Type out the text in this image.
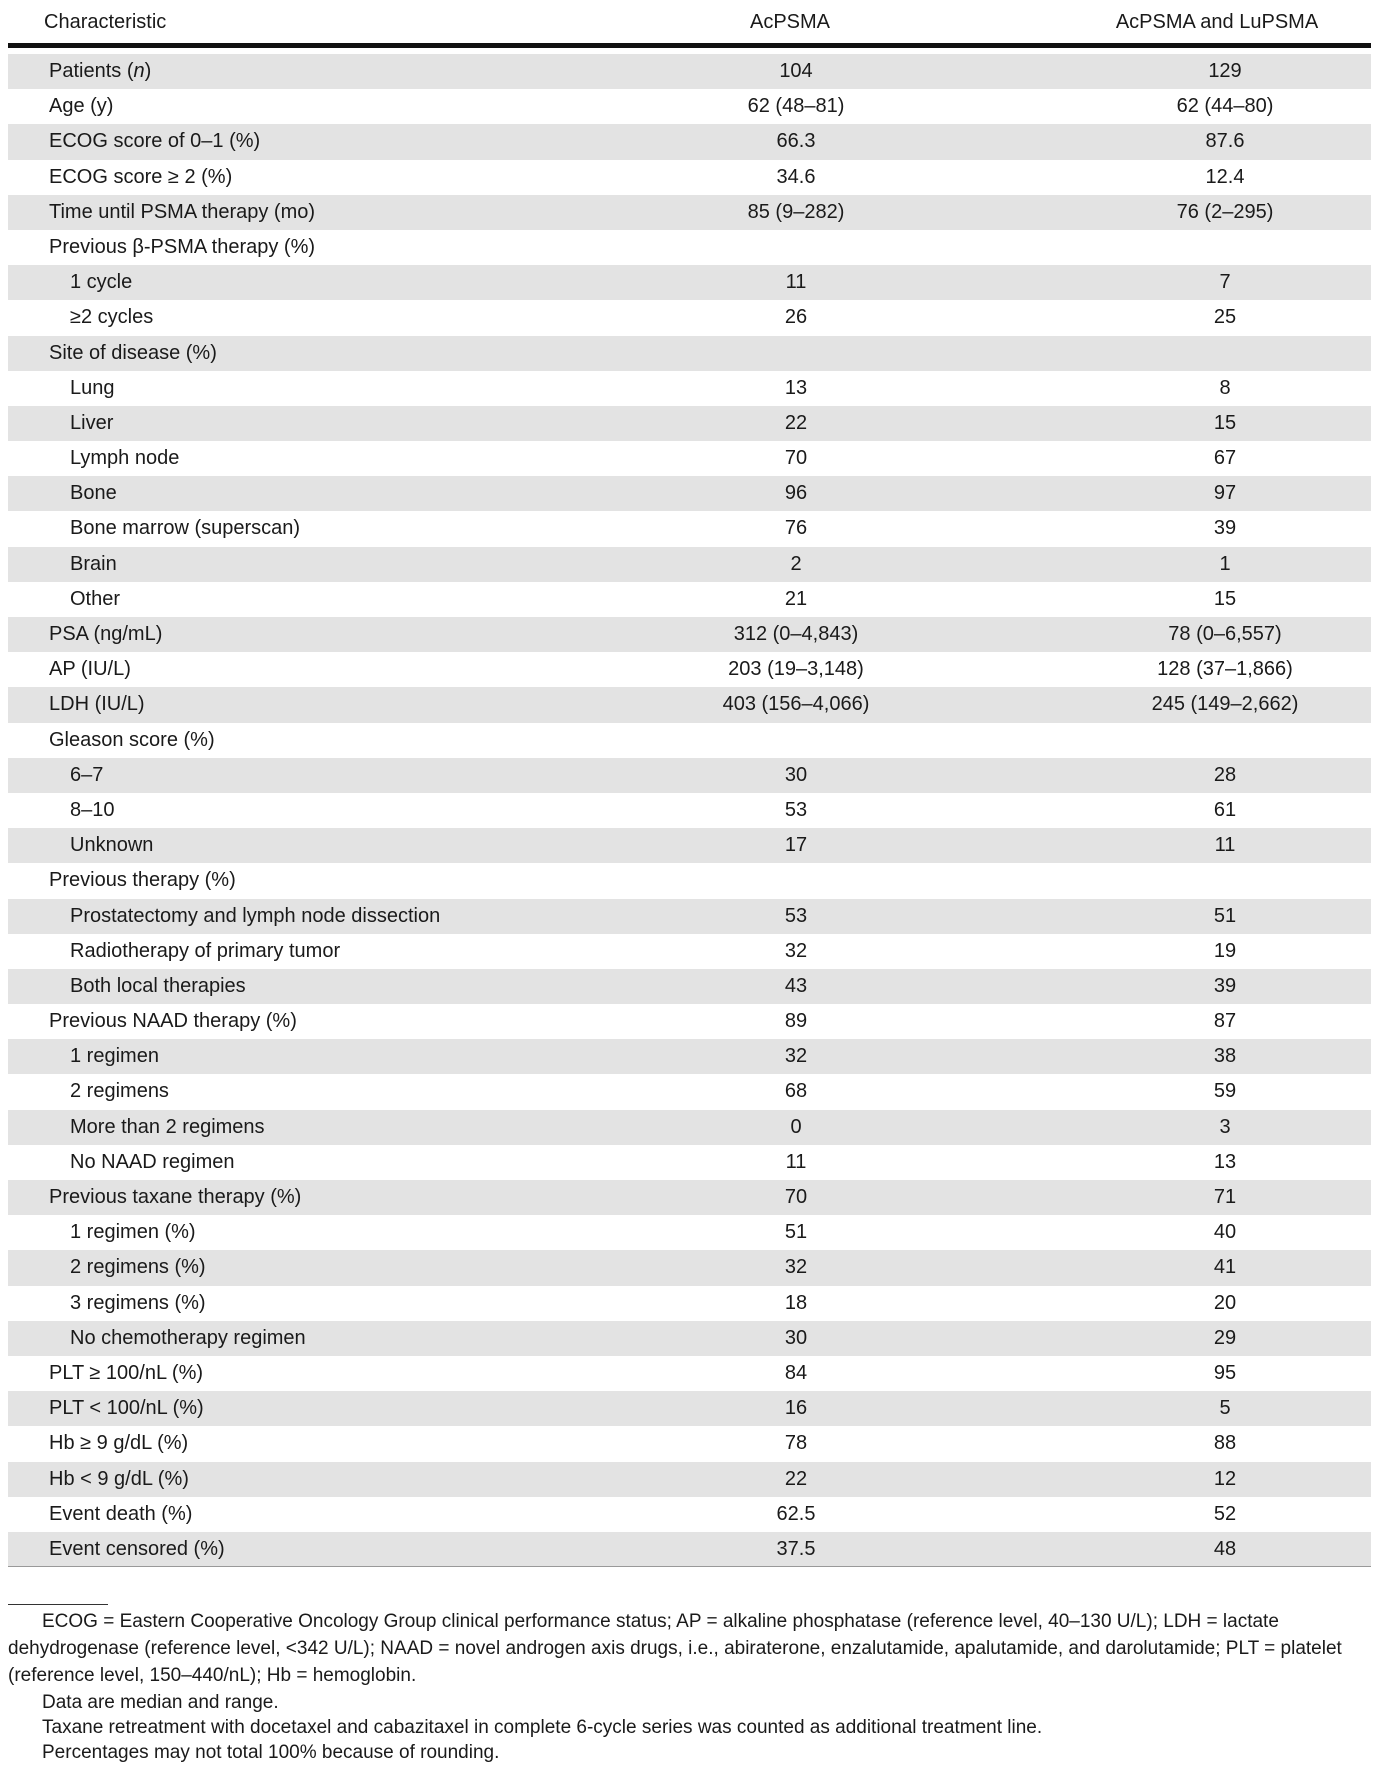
Characteristic	AcPSMA	AcPSMA and LuPSMA
Patients (n)	104	129
Age (y)	62 (48–81)	62 (44–80)
ECOG score of 0–1 (%)	66.3	87.6
ECOG score ≥ 2 (%)	34.6	12.4
Time until PSMA therapy (mo)	85 (9–282)	76 (2–295)
Previous β-PSMA therapy (%)
1 cycle	11	7
≥2 cycles	26	25
Site of disease (%)
Lung	13	8
Liver	22	15
Lymph node	70	67
Bone	96	97
Bone marrow (superscan)	76	39
Brain	2	1
Other	21	15
PSA (ng/mL)	312 (0–4,843)	78 (0–6,557)
AP (IU/L)	203 (19–3,148)	128 (37–1,866)
LDH (IU/L)	403 (156–4,066)	245 (149–2,662)
Gleason score (%)
6–7	30	28
8–10	53	61
Unknown	17	11
Previous therapy (%)
Prostatectomy and lymph node dissection	53	51
Radiotherapy of primary tumor	32	19
Both local therapies	43	39
Previous NAAD therapy (%)	89	87
1 regimen	32	38
2 regimens	68	59
More than 2 regimens	0	3
No NAAD regimen	11	13
Previous taxane therapy (%)	70	71
1 regimen (%)	51	40
2 regimens (%)	32	41
3 regimens (%)	18	20
No chemotherapy regimen	30	29
PLT ≥ 100/nL (%)	84	95
PLT < 100/nL (%)	16	5
Hb ≥ 9 g/dL (%)	78	88
Hb < 9 g/dL (%)	22	12
Event death (%)	62.5	52
Event censored (%)	37.5	48

ECOG = Eastern Cooperative Oncology Group clinical performance status; AP = alkaline phosphatase (reference level, 40–130 U/L); LDH = lactate dehydrogenase (reference level, <342 U/L); NAAD = novel androgen axis drugs, i.e., abiraterone, enzalutamide, apalutamide, and darolutamide; PLT = platelet (reference level, 150–440/nL); Hb = hemoglobin.

Data are median and range.
Taxane retreatment with docetaxel and cabazitaxel in complete 6-cycle series was counted as additional treatment line.
Percentages may not total 100% because of rounding.
